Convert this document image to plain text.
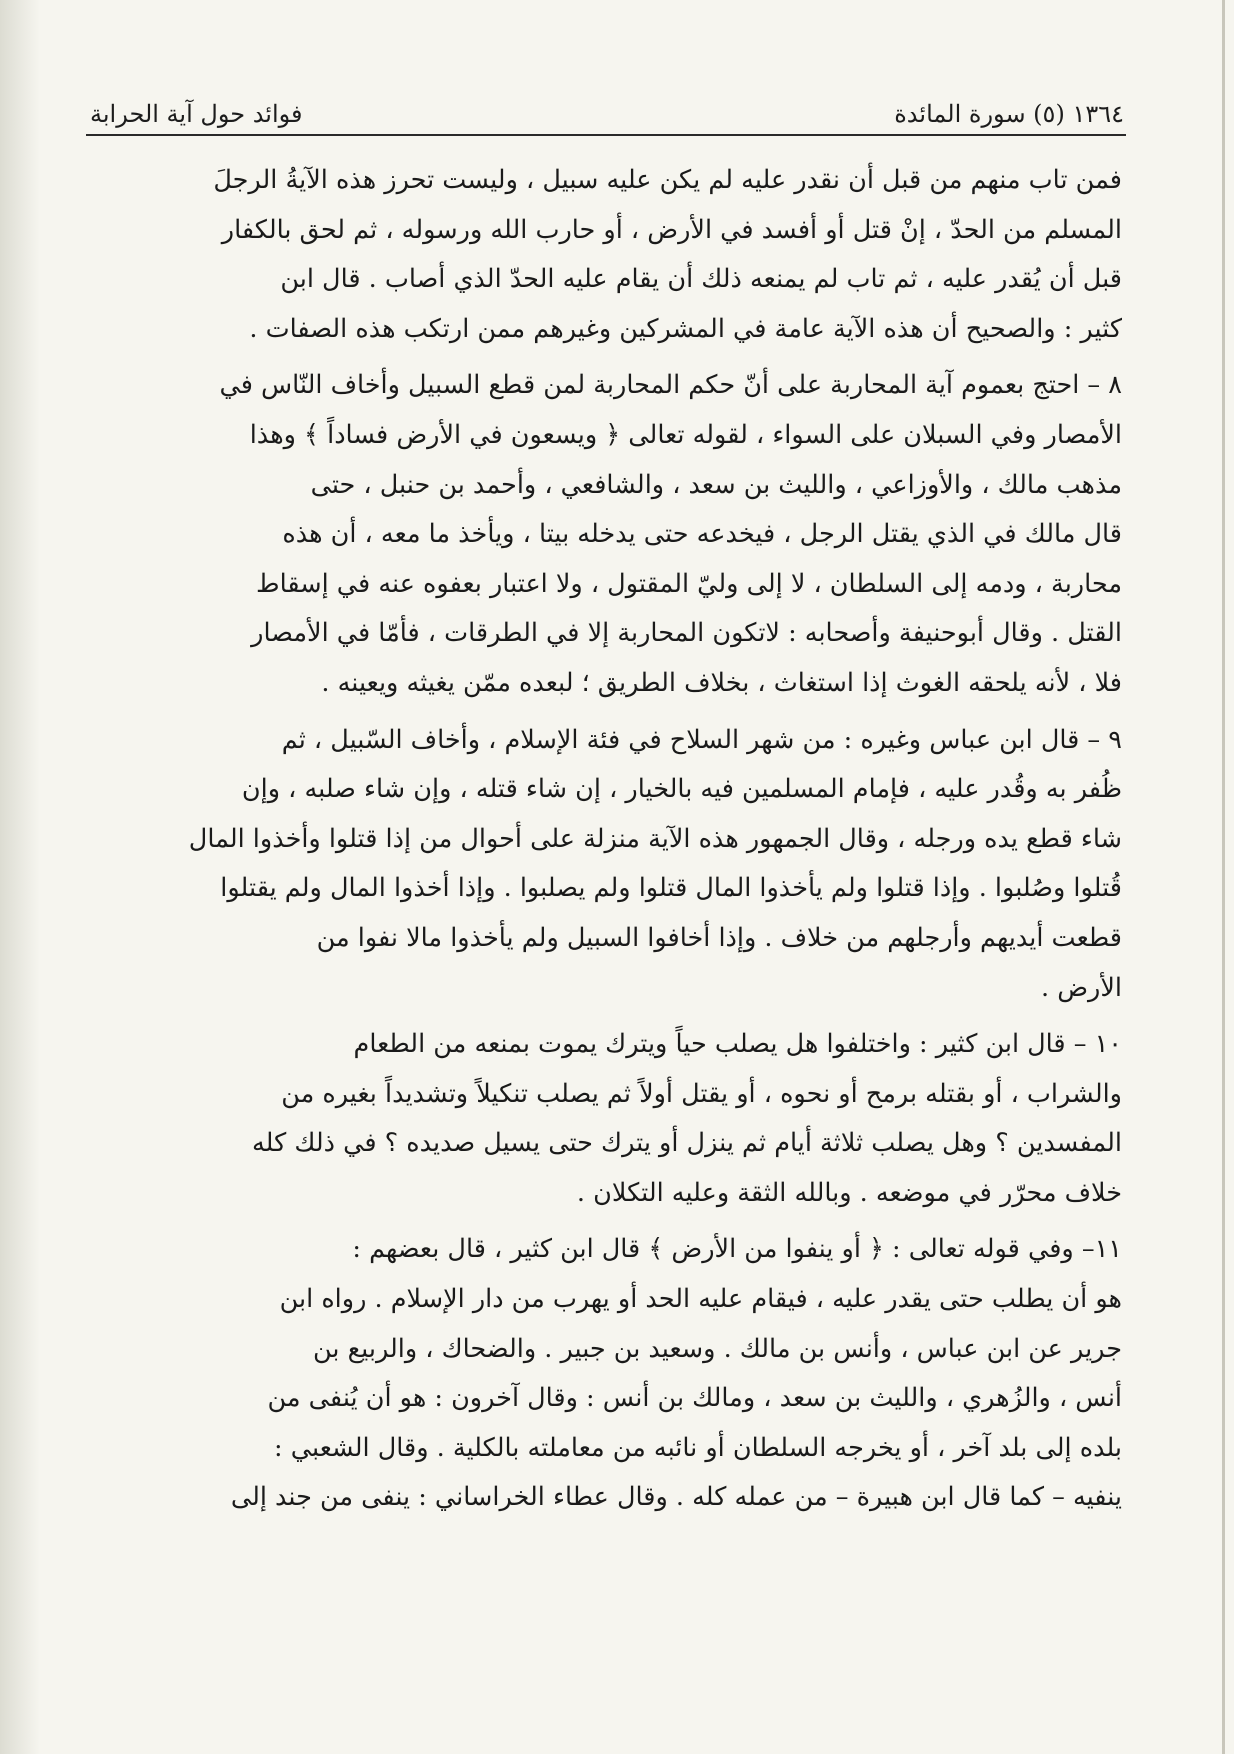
١٣٦٤ (٥) سورة المائدة
فوائد حول آية الحرابة
فمن تاب منهم من قبل أن نقدر عليه لم يكن عليه سبيل ، وليست تحرز هذه الآيةُ الرجلَ
المسلم من الحدّ ، إنْ قتل أو أفسد في الأرض ، أو حارب الله ورسوله ، ثم لحق بالكفار
قبل أن يُقدر عليه ، ثم تاب لم يمنعه ذلك أن يقام عليه الحدّ الذي أصاب . قال ابن
كثير : والصحيح أن هذه الآية عامة في المشركين وغيرهم ممن ارتكب هذه الصفات .
٨ – احتج بعموم آية المحاربة على أنّ حكم المحاربة لمن قطع السبيل وأخاف النّاس في
الأمصار وفي السبلان على السواء ، لقوله تعالى ﴿ ويسعون في الأرض فساداً ﴾ وهذا
مذهب مالك ، والأوزاعي ، والليث بن سعد ، والشافعي ، وأحمد بن حنبل ، حتى
قال مالك في الذي يقتل الرجل ، فيخدعه حتى يدخله بيتا ، ويأخذ ما معه ، أن هذه
محاربة ، ودمه إلى السلطان ، لا إلى وليّ المقتول ، ولا اعتبار بعفوه عنه في إسقاط
القتل . وقال أبوحنيفة وأصحابه : لاتكون المحاربة إلا في الطرقات ، فأمّا في الأمصار
فلا ، لأنه يلحقه الغوث إذا استغاث ، بخلاف الطريق ؛ لبعده ممّن يغيثه ويعينه .
٩ – قال ابن عباس وغيره : من شهر السلاح في فئة الإسلام ، وأخاف السّبيل ، ثم
ظُفر به وقُدر عليه ، فإمام المسلمين فيه بالخيار ، إن شاء قتله ، وإن شاء صلبه ، وإن
شاء قطع يده ورجله ، وقال الجمهور هذه الآية منزلة على أحوال من إذا قتلوا وأخذوا المال
قُتلوا وصُلبوا . وإذا قتلوا ولم يأخذوا المال قتلوا ولم يصلبوا . وإذا أخذوا المال ولم يقتلوا
قطعت أيديهم وأرجلهم من خلاف . وإذا أخافوا السبيل ولم يأخذوا مالا نفوا من
الأرض .
١٠ – قال ابن كثير : واختلفوا هل يصلب حياً ويترك يموت بمنعه من الطعام
والشراب ، أو بقتله برمح أو نحوه ، أو يقتل أولاً ثم يصلب تنكيلاً وتشديداً بغيره من
المفسدين ؟ وهل يصلب ثلاثة أيام ثم ينزل أو يترك حتى يسيل صديده ؟ في ذلك كله
خلاف محرّر في موضعه . وبالله الثقة وعليه التكلان .
١١– وفي قوله تعالى : ﴿ أو ينفوا من الأرض ﴾ قال ابن كثير ، قال بعضهم :
هو أن يطلب حتى يقدر عليه ، فيقام عليه الحد أو يهرب من دار الإسلام . رواه ابن
جرير عن ابن عباس ، وأنس بن مالك . وسعيد بن جبير . والضحاك ، والربيع بن
أنس ، والزُهري ، والليث بن سعد ، ومالك بن أنس : وقال آخرون : هو أن يُنفى من
بلده إلى بلد آخر ، أو يخرجه السلطان أو نائبه من معاملته بالكلية . وقال الشعبي :
ينفيه – كما قال ابن هبيرة – من عمله كله . وقال عطاء الخراساني : ينفى من جند إلى
